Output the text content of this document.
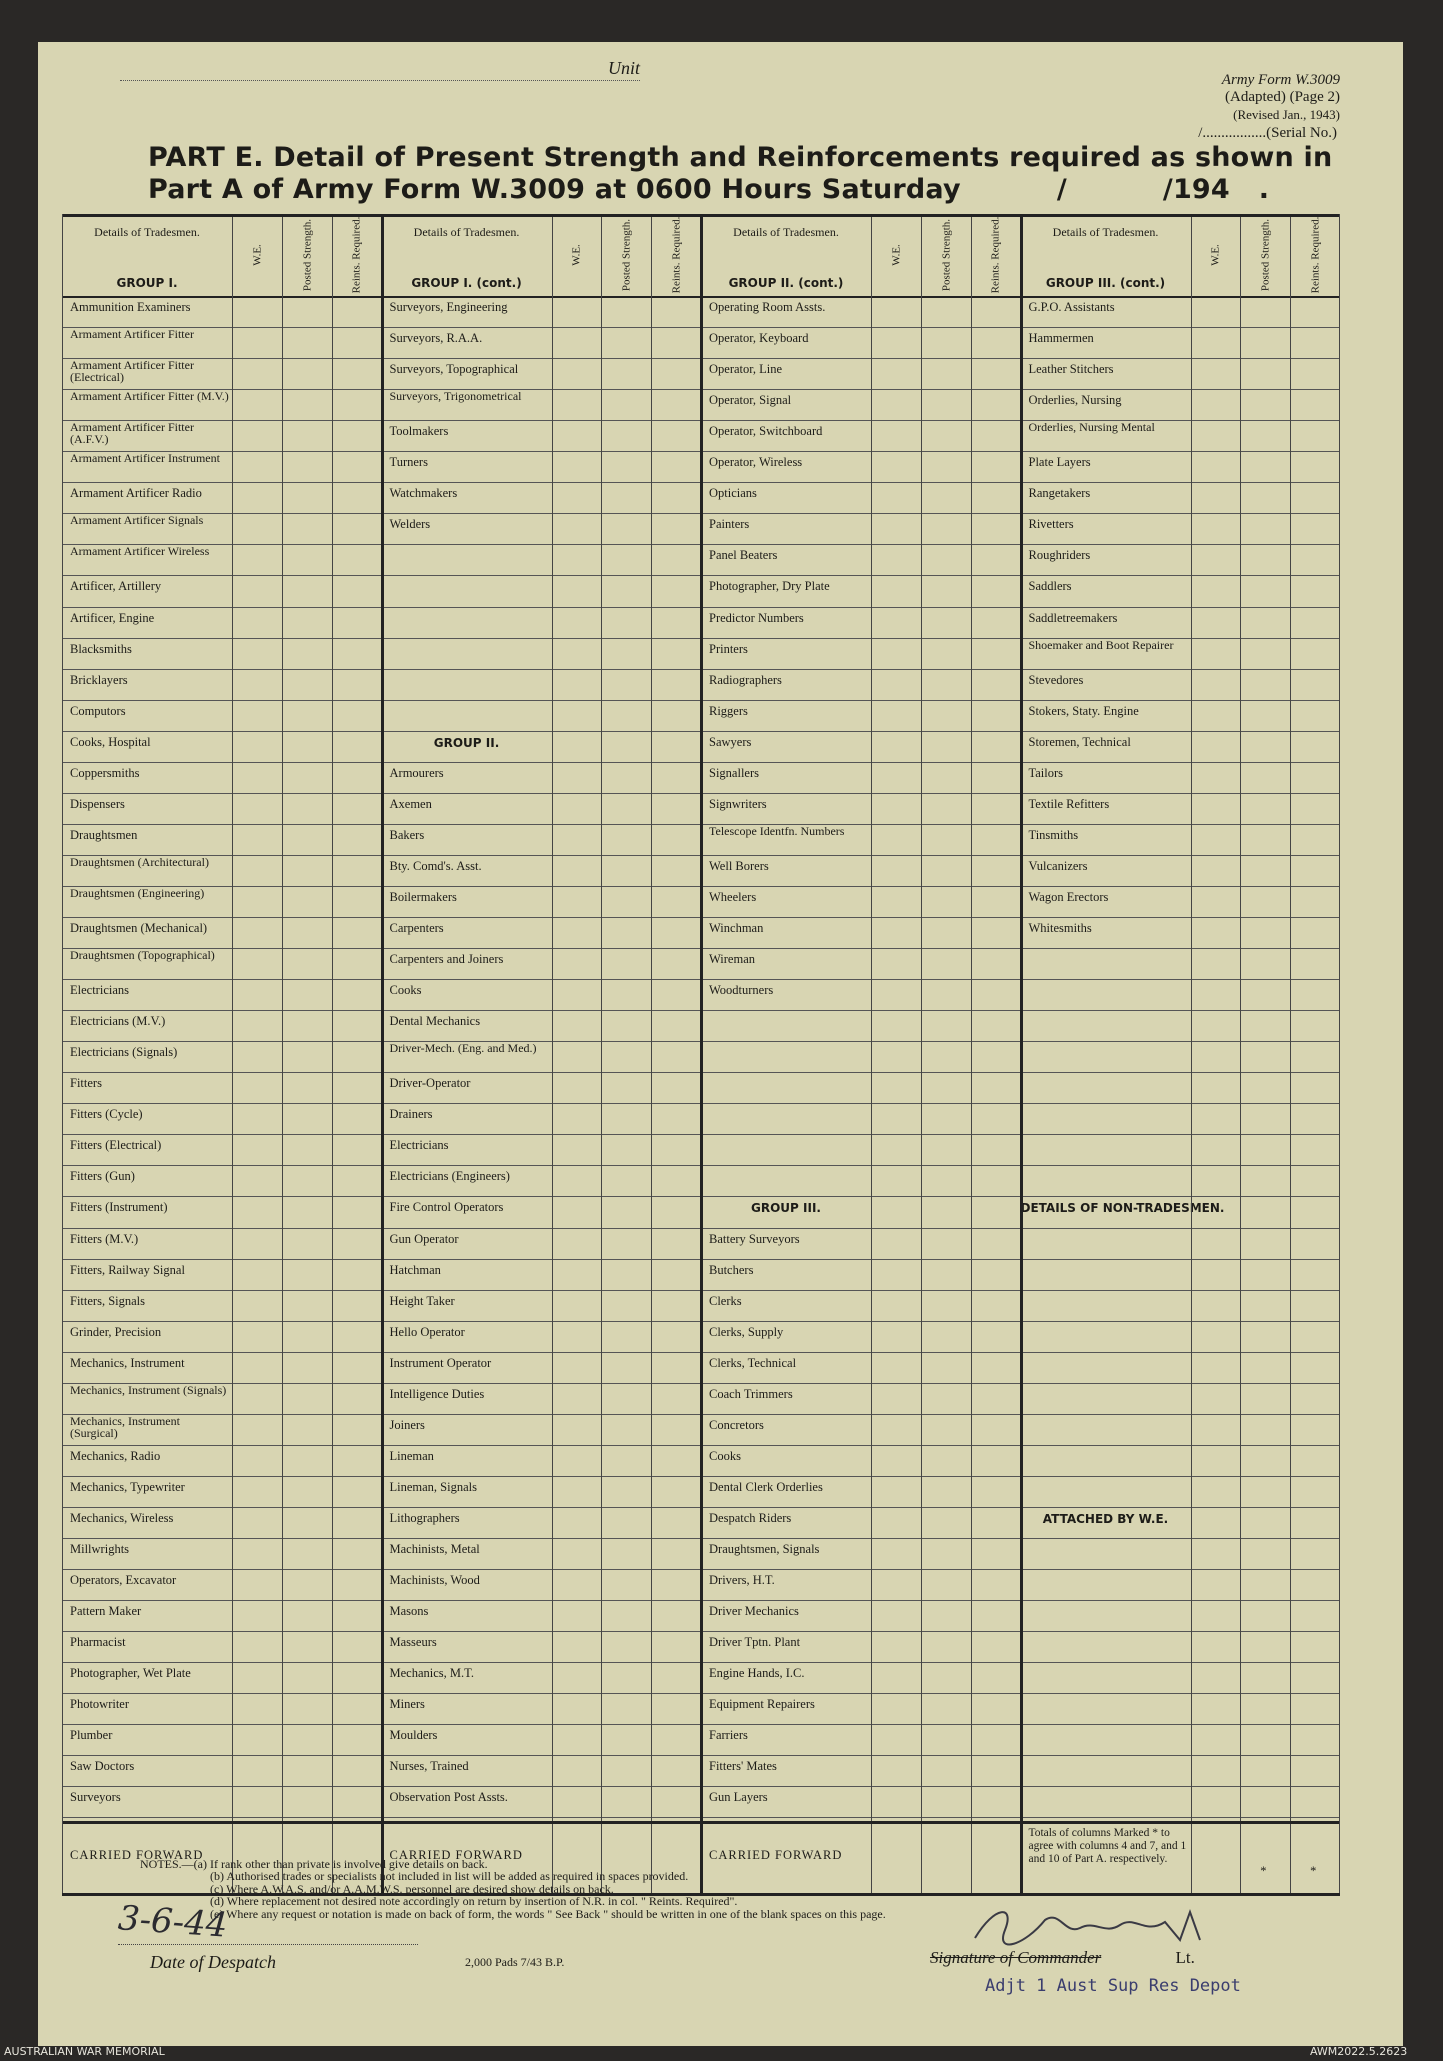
Unit
Army Form W.3009
(Adapted) (Page 2)
(Revised Jan., 1943)
/.................(Serial No.)
PART E. Detail of Present Strength and Reinforcements required as shown in
Part A of Army Form W.3009 at 0600 Hours Saturday          /          /194   .
Details of Tradesmen.
GROUP I.
W.E.	Posted Strength.	Reints. Required.
Ammunition Examiners
Armament Artificer Fitter
Armament Artificer Fitter (Electrical)
Armament Artificer Fitter (M.V.)
Armament Artificer Fitter (A.F.V.)
Armament Artificer Instrument
Armament Artificer Radio
Armament Artificer Signals
Armament Artificer Wireless
Artificer, Artillery
Artificer, Engine
Blacksmiths
Bricklayers
Computors
Cooks, Hospital
Coppersmiths
Dispensers
Draughtsmen
Draughtsmen (Architectural)
Draughtsmen (Engineering)
Draughtsmen (Mechanical)
Draughtsmen (Topographical)
Electricians
Electricians (M.V.)
Electricians (Signals)
Fitters
Fitters (Cycle)
Fitters (Electrical)
Fitters (Gun)
Fitters (Instrument)
Fitters (M.V.)
Fitters, Railway Signal
Fitters, Signals
Grinder, Precision
Mechanics, Instrument
Mechanics, Instrument (Signals)
Mechanics, Instrument (Surgical)
Mechanics, Radio
Mechanics, Typewriter
Mechanics, Wireless
Millwrights
Operators, Excavator
Pattern Maker
Pharmacist
Photographer, Wet Plate
Photowriter
Plumber
Saw Doctors
Surveyors
CARRIED FORWARD
Details of Tradesmen.
GROUP I. (cont.)
W.E.	Posted Strength.	Reints. Required.
Surveyors, Engineering
Surveyors, R.A.A.
Surveyors, Topographical
Surveyors, Trigonometrical
Toolmakers
Turners
Watchmakers
Welders
GROUP II.
Armourers
Axemen
Bakers
Bty. Comd's. Asst.
Boilermakers
Carpenters
Carpenters and Joiners
Cooks
Dental Mechanics
Driver-Mech. (Eng. and Med.)
Driver-Operator
Drainers
Electricians
Electricians (Engineers)
Fire Control Operators
Gun Operator
Hatchman
Height Taker
Hello Operator
Instrument Operator
Intelligence Duties
Joiners
Lineman
Lineman, Signals
Lithographers
Machinists, Metal
Machinists, Wood
Masons
Masseurs
Mechanics, M.T.
Miners
Moulders
Nurses, Trained
Observation Post Assts.
CARRIED FORWARD
Details of Tradesmen.
GROUP II. (cont.)
W.E.	Posted Strength.	Reints. Required.
Operating Room Assts.
Operator, Keyboard
Operator, Line
Operator, Signal
Operator, Switchboard
Operator, Wireless
Opticians
Painters
Panel Beaters
Photographer, Dry Plate
Predictor Numbers
Printers
Radiographers
Riggers
Sawyers
Signallers
Signwriters
Telescope Identfn. Numbers
Well Borers
Wheelers
Winchman
Wireman
Woodturners
GROUP III.
Battery Surveyors
Butchers
Clerks
Clerks, Supply
Clerks, Technical
Coach Trimmers
Concretors
Cooks
Dental Clerk Orderlies
Despatch Riders
Draughtsmen, Signals
Drivers, H.T.
Driver Mechanics
Driver Tptn. Plant
Engine Hands, I.C.
Equipment Repairers
Farriers
Fitters' Mates
Gun Layers
CARRIED FORWARD
Details of Tradesmen.
GROUP III. (cont.)
W.E.	Posted Strength.	Reints. Required.
G.P.O. Assistants
Hammermen
Leather Stitchers
Orderlies, Nursing
Orderlies, Nursing Mental
Plate Layers
Rangetakers
Rivetters
Roughriders
Saddlers
Saddletreemakers
Shoemaker and Boot Repairer
Stevedores
Stokers, Staty. Engine
Storemen, Technical
Tailors
Textile Refitters
Tinsmiths
Vulcanizers
Wagon Erectors
Whitesmiths
DETAILS OF NON-TRADESMEN.
ATTACHED BY W.E.
Totals of columns Marked * to agree with columns 4 and 7, and 1 and 10 of Part A. respectively.
*	*
NOTES.—(a) If rank other than private is involved give details on back.
(b) Authorised trades or specialists not included in list will be added as required in spaces provided.
(c) Where A.W.A.S. and/or A.A.M.W.S. personnel are desired show details on back.
(d) Where replacement not desired note accordingly on return by insertion of N.R. in col. " Reints. Required".
(e) Where any request or notation is made on back of form, the words " See Back " should be written in one of the blank spaces on this page.
3-6-44
Date of Despatch	2,000 Pads 7/43 B.P.	Signature of Commander	Lt.
Adjt 1 Aust Sup Res Depot
AUSTRALIAN WAR MEMORIAL	AWM2022.5.2623
